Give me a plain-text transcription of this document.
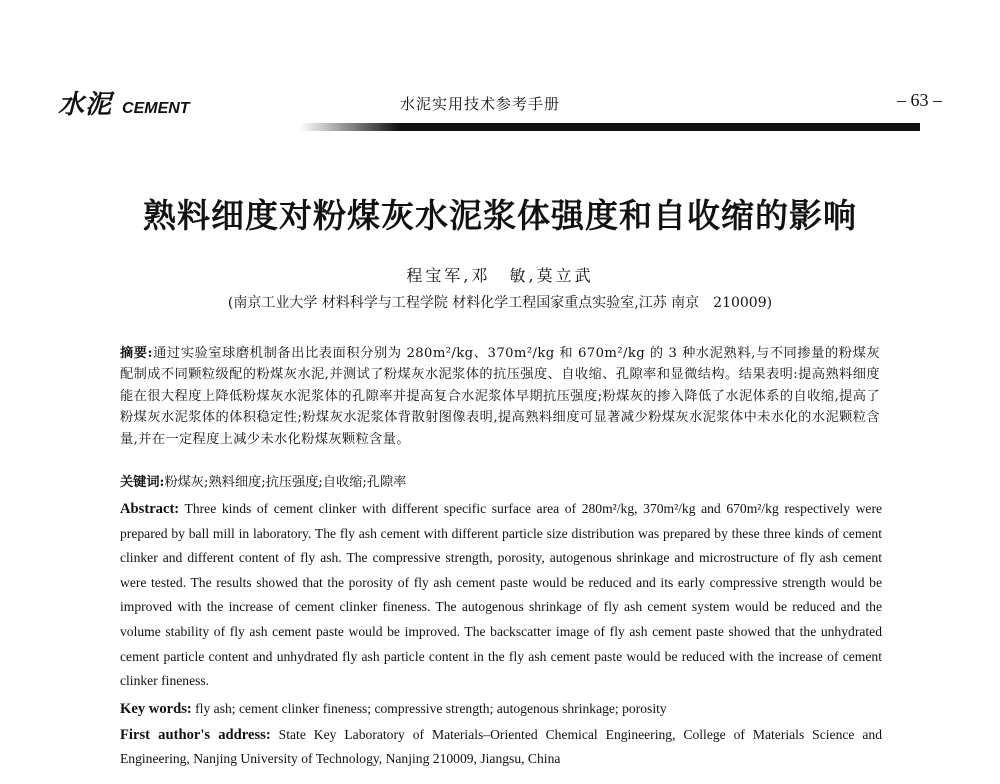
水泥 CEMENT	水泥实用技术参考手册	– 63 –
熟料细度对粉煤灰水泥浆体强度和自收缩的影响
程宝军,邓　敏,莫立武
(南京工业大学 材料科学与工程学院 材料化学工程国家重点实验室,江苏 南京　210009)
摘要:通过实验室球磨机制备出比表面积分别为 280m²/kg、370m²/kg 和 670m²/kg 的 3 种水泥熟料,与不同掺量的粉煤灰配制成不同颗粒级配的粉煤灰水泥,并测试了粉煤灰水泥浆体的抗压强度、自收缩、孔隙率和显微结构。结果表明:提高熟料细度能在很大程度上降低粉煤灰水泥浆体的孔隙率并提高复合水泥浆体早期抗压强度;粉煤灰的掺入降低了水泥体系的自收缩,提高了粉煤灰水泥浆体的体积稳定性;粉煤灰水泥浆体背散射图像表明,提高熟料细度可显著减少粉煤灰水泥浆体中未水化的水泥颗粒含量,并在一定程度上减少未水化粉煤灰颗粒含量。
关键词:粉煤灰;熟料细度;抗压强度;自收缩;孔隙率
Abstract: Three kinds of cement clinker with different specific surface area of 280m²/kg, 370m²/kg and 670m²/kg respectively were prepared by ball mill in laboratory. The fly ash cement with different particle size distribution was prepared by these three kinds of cement clinker and different content of fly ash. The compressive strength, porosity, autogenous shrinkage and microstructure of fly ash cement were tested. The results showed that the porosity of fly ash cement paste would be reduced and its early compressive strength would be improved with the increase of cement clinker fineness. The autogenous shrinkage of fly ash cement system would be reduced and the volume stability of fly ash cement paste would be improved. The backscatter image of fly ash cement paste showed that the unhydrated cement particle content and unhydrated fly ash particle content in the fly ash cement paste would be reduced with the increase of cement clinker fineness.
Key words: fly ash; cement clinker fineness; compressive strength; autogenous shrinkage; porosity
First author's address: State Key Laboratory of Materials–Oriented Chemical Engineering, College of Materials Science and Engineering, Nanjing University of Technology, Nanjing 210009, Jiangsu, China
